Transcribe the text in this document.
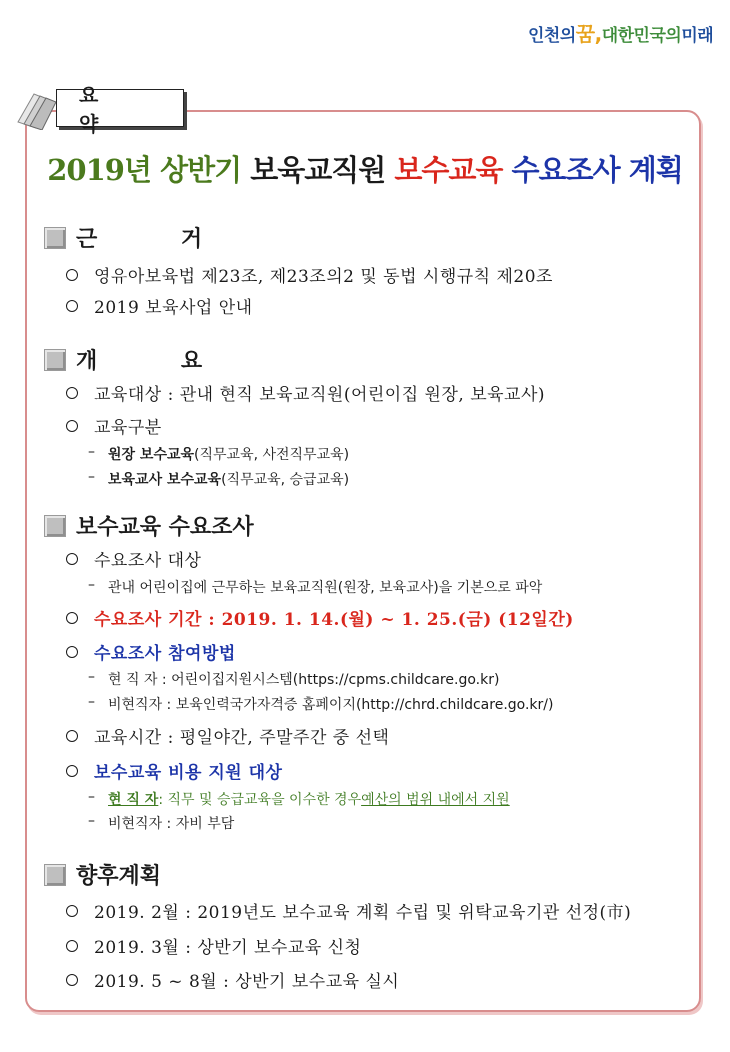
인천의꿈,대한민국의미래
요 약
2019년 상반기 보육교직원 보수교육 수요조사 계획
근 거
영유아보육법 제23조, 제23조의2 및 동법 시행규칙 제20조
2019 보육사업 안내
개 요
교육대상 : 관내 현직 보육교직원(어린이집 원장, 보육교사)
교육구분
– 원장 보수교육 (직무교육, 사전직무교육)
– 보육교사 보수교육 (직무교육, 승급교육)
보수교육 수요조사
수요조사 대상
– 관내 어린이집에 근무하는 보육교직원(원장, 보육교사)을 기본으로 파악
수요조사 기간 : 2019. 1. 14.(월) ~ 1. 25.(금) (12일간)
수요조사 참여방법
– 현 직 자 : 어린이집지원시스템(https://cpms.childcare.go.kr)
– 비현직자 : 보육인력국가자격증 홈페이지(http://chrd.childcare.go.kr/)
교육시간 : 평일야간, 주말주간 중 선택
보수교육 비용 지원 대상
– 현 직 자 : 직무 및 승급교육을 이수한 경우 예산의 범위 내에서 지원
– 비현직자 : 자비 부담
향후계획
2019. 2월 : 2019년도 보수교육 계획 수립 및 위탁교육기관 선정(市)
2019. 3월 : 상반기 보수교육 신청
2019. 5 ~ 8월 : 상반기 보수교육 실시
